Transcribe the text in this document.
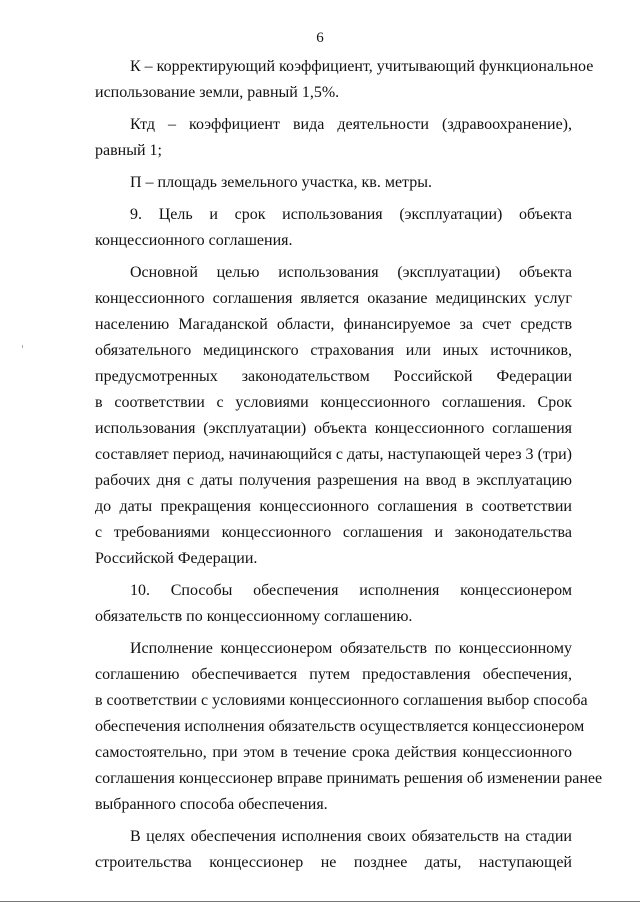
6

К – корректирующий коэффициент, учитывающий функциональное
использование земли, равный 1,5%.

Ктд – коэффициент вида деятельности (здравоохранение),
равный 1;

П – площадь земельного участка, кв. метры.

9. Цель и срок использования (эксплуатации) объекта
концессионного соглашения.

Основной целью использования (эксплуатации) объекта
концессионного соглашения является оказание медицинских услуг
населению Магаданской области, финансируемое за счет средств
обязательного медицинского страхования или иных источников,
предусмотренных законодательством Российской Федерации
в соответствии с условиями концессионного соглашения. Срок
использования (эксплуатации) объекта концессионного соглашения
составляет период, начинающийся с даты, наступающей через 3 (три)
рабочих дня с даты получения разрешения на ввод в эксплуатацию
до даты прекращения концессионного соглашения в соответствии
с требованиями концессионного соглашения и законодательства
Российской Федерации.

10. Способы обеспечения исполнения концессионером
обязательств по концессионному соглашению.

Исполнение концессионером обязательств по концессионному
соглашению обеспечивается путем предоставления обеспечения,
в соответствии с условиями концессионного соглашения выбор способа
обеспечения исполнения обязательств осуществляется концессионером
самостоятельно, при этом в течение срока действия концессионного
соглашения концессионер вправе принимать решения об изменении ранее
выбранного способа обеспечения.

В целях обеспечения исполнения своих обязательств на стадии
строительства концессионер не позднее даты, наступающей
